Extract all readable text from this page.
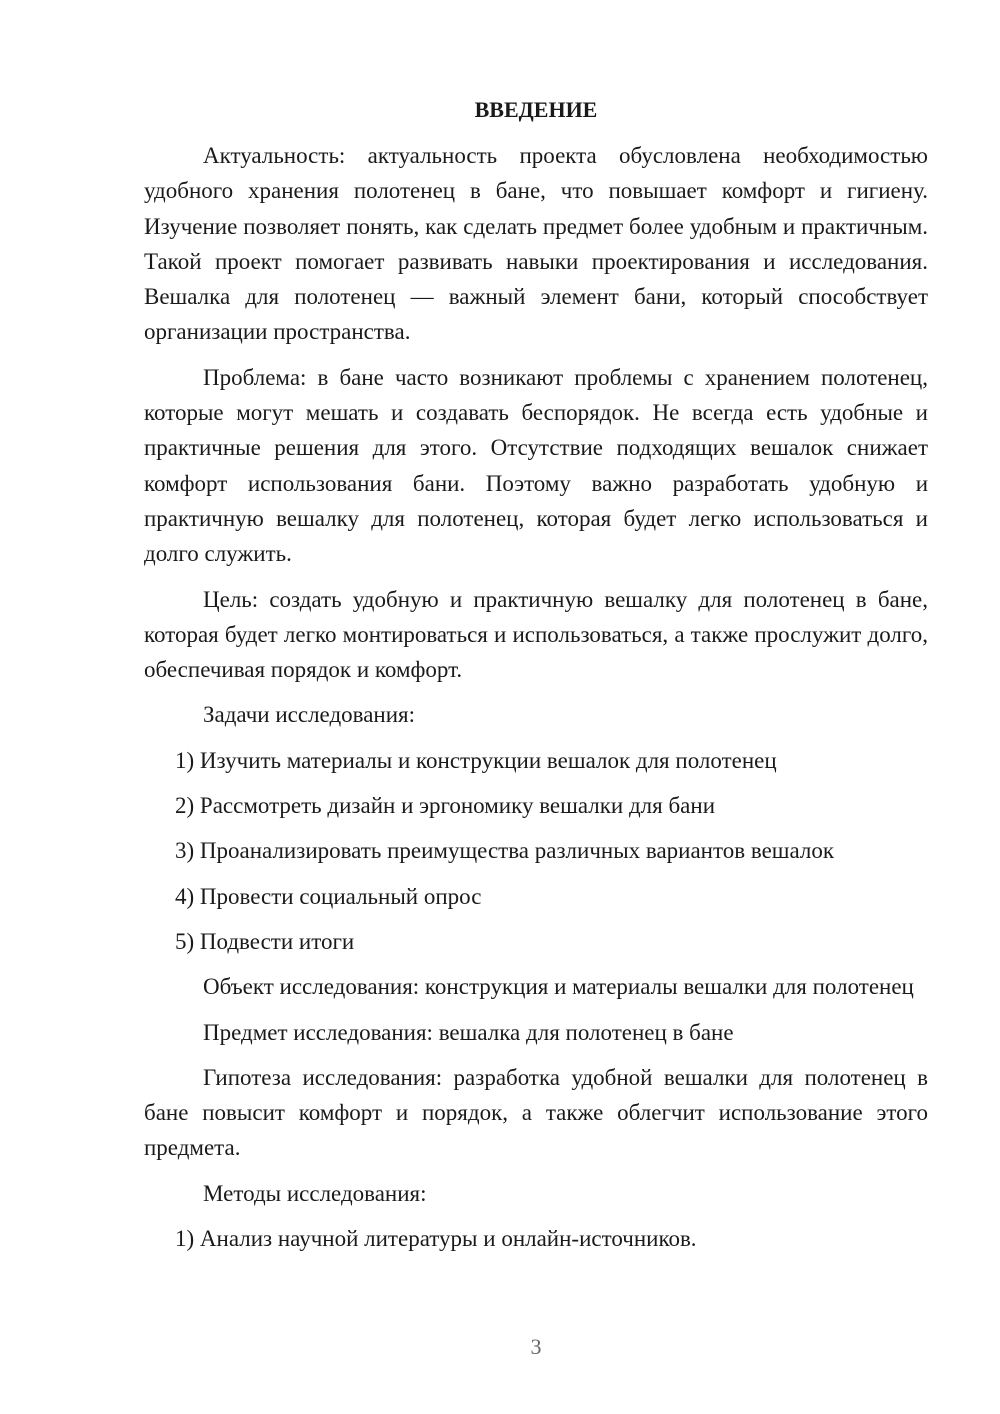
ВВЕДЕНИЕ

Актуальность: актуальность проекта обусловлена необходимостью удобного хранения полотенец в бане, что повышает комфорт и гигиену. Изучение позволяет понять, как сделать предмет более удобным и практичным. Такой проект помогает развивать навыки проектирования и исследования. Вешалка для полотенец — важный элемент бани, который способствует организации пространства.

Проблема: в бане часто возникают проблемы с хранением полотенец, которые могут мешать и создавать беспорядок. Не всегда есть удобные и практичные решения для этого. Отсутствие подходящих вешалок снижает комфорт использования бани. Поэтому важно разработать удобную и практичную вешалку для полотенец, которая будет легко использоваться и долго служить.

Цель: создать удобную и практичную вешалку для полотенец в бане, которая будет легко монтироваться и использоваться, а также прослужит долго, обеспечивая порядок и комфорт.

Задачи исследования:
1) Изучить материалы и конструкции вешалок для полотенец
2) Рассмотреть дизайн и эргономику вешалки для бани
3) Проанализировать преимущества различных вариантов вешалок
4) Провести социальный опрос
5) Подвести итоги

Объект исследования: конструкция и материалы вешалки для полотенец

Предмет исследования: вешалка для полотенец в бане

Гипотеза исследования: разработка удобной вешалки для полотенец в бане повысит комфорт и порядок, а также облегчит использование этого предмета.

Методы исследования:
1) Анализ научной литературы и онлайн-источников.
3
